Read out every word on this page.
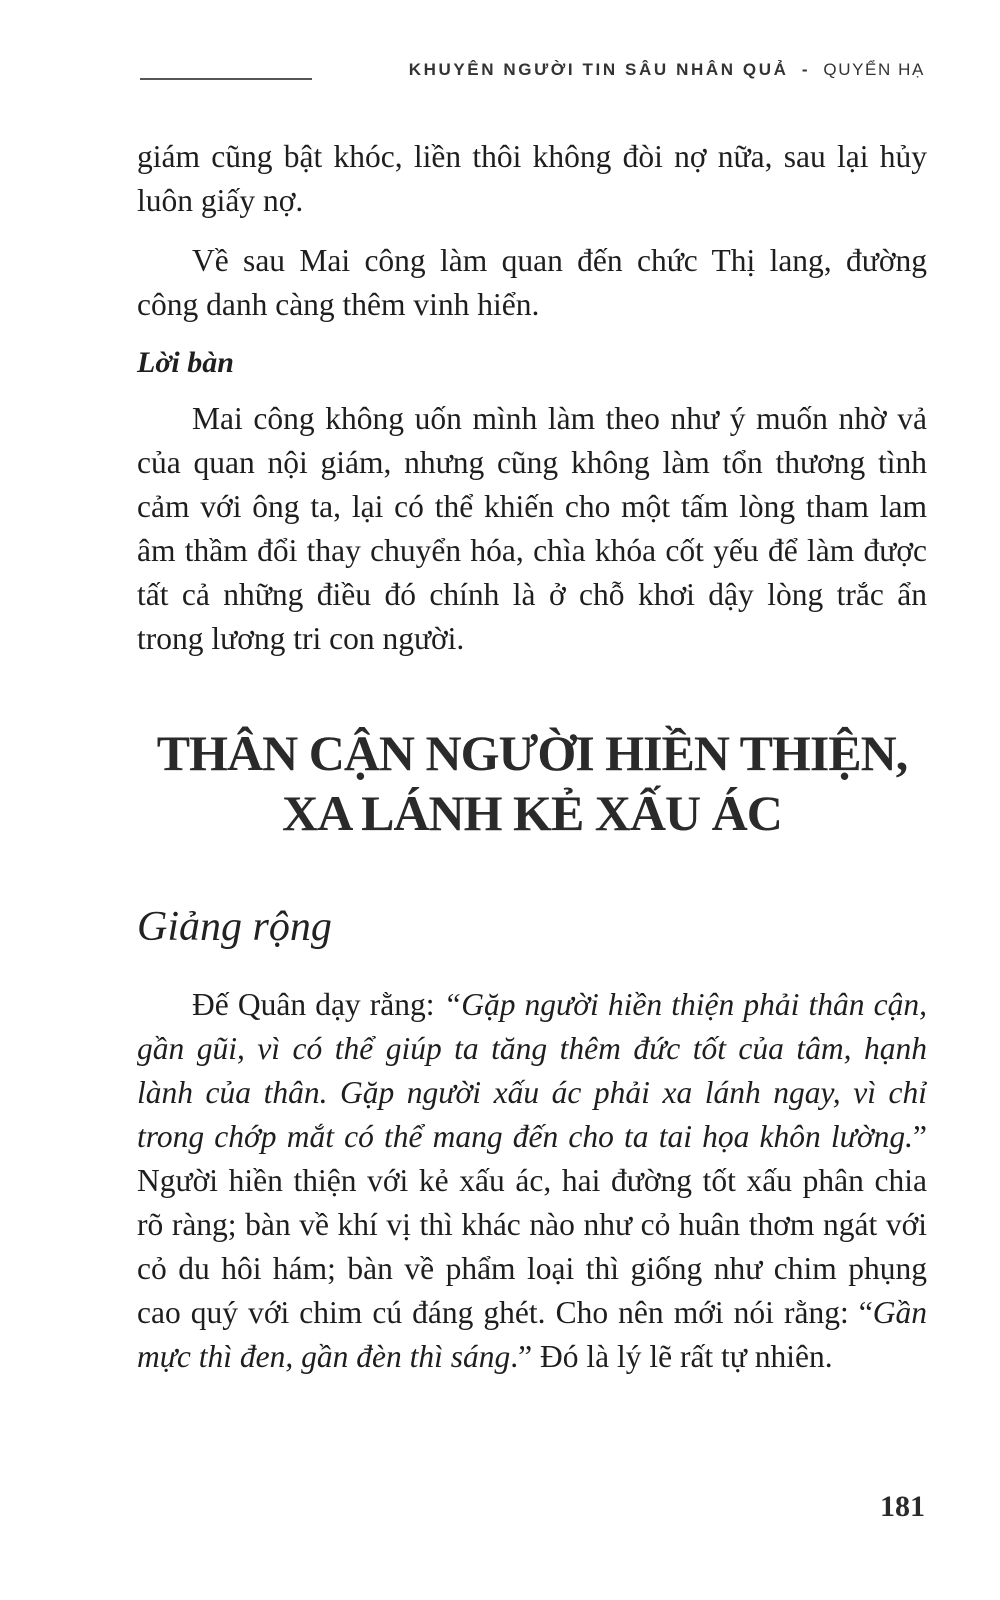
KHUYÊN NGƯỜI TIN SÂU NHÂN QUẢ - QUYỂN HẠ

giám cũng bật khóc, liền thôi không đòi nợ nữa, sau lại hủy luôn giấy nợ.

Về sau Mai công làm quan đến chức Thị lang, đường công danh càng thêm vinh hiển.

Lời bàn

Mai công không uốn mình làm theo như ý muốn nhờ vả của quan nội giám, nhưng cũng không làm tổn thương tình cảm với ông ta, lại có thể khiến cho một tấm lòng tham lam âm thầm đổi thay chuyển hóa, chìa khóa cốt yếu để làm được tất cả những điều đó chính là ở chỗ khơi dậy lòng trắc ẩn trong lương tri con người.

THÂN CẬN NGƯỜI HIỀN THIỆN,
XA LÁNH KẺ XẤU ÁC
Giảng rộng

Đế Quân dạy rằng: “Gặp người hiền thiện phải thân cận, gần gũi, vì có thể giúp ta tăng thêm đức tốt của tâm, hạnh lành của thân. Gặp người xấu ác phải xa lánh ngay, vì chỉ trong chớp mắt có thể mang đến cho ta tai họa khôn lường.” Người hiền thiện với kẻ xấu ác, hai đường tốt xấu phân chia rõ ràng; bàn về khí vị thì khác nào như cỏ huân thơm ngát với cỏ du hôi hám; bàn về phẩm loại thì giống như chim phụng cao quý với chim cú đáng ghét. Cho nên mới nói rằng: “Gần mực thì đen, gần đèn thì sáng.” Đó là lý lẽ rất tự nhiên.

181
